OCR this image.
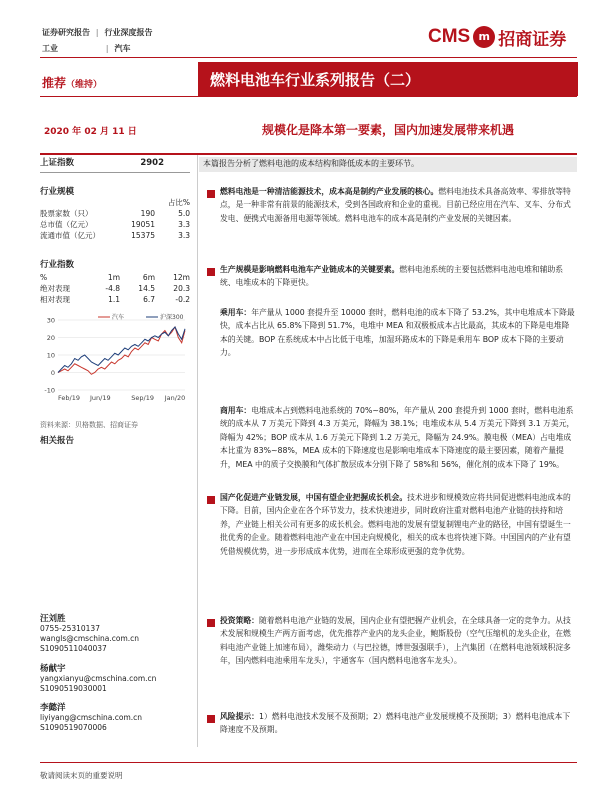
证券研究报告 | 行业深度报告
工业	| 汽车
CMS m 招商证券
推荐（维持）	燃料电池车行业系列报告（二）
2020 年 02 月 11 日	规模化是降本第一要素，国内加速发展带来机遇
上证指数	2902
行业规模
占比%
股票家数（只）	190	5.0
总市值（亿元）	19051	3.3
流通市值（亿元）	15375	3.3
行业指数
%	1m	6m	12m
绝对表现	-4.8	14.5	20.3
相对表现	1.1	6.7	-0.2
汽车	沪深300
30
20
10
0
-10
Feb/19 Jun/19	Sep/19 Jan/20
资料来源：贝格数据、招商证券
相关报告
汪刘胜
0755-25310137
wangls@cmschina.com.cn
S1090511040037
杨献宇
yangxianyu@cmschina.com.cn
S1090519030001
李懿洋
liyiyang@cmschina.com.cn
S1090519070006
本篇报告分析了燃料电池的成本结构和降低成本的主要环节。
燃料电池是一种清洁能源技术，成本高是制约产业发展的核心。燃料电池技术具备高效率、零排放等特点，是一种非常有前景的能源技术，受到各国政府和企业的重视。目前已经应用在汽车、叉车、分布式发电、便携式电源备用电源等领域。燃料电池车的成本高是制约产业发展的关键因素。
生产规模是影响燃料电池车产业链成本的关键要素。燃料电池系统的主要包括燃料电池电堆和辅助系统、电堆成本的下降更快。
乘用车：年产量从 1000 套提升至 10000 套时，燃料电池的成本下降了 53.2%，其中电堆成本下降最快，成本占比从 65.8%下降到 51.7%，电堆中 MEA 和双极板成本占比最高，其成本的下降是电堆降本的关键。BOP 在系统成本中占比低于电堆，加湿环路成本的下降是乘用车 BOP 成本下降的主要动力。
商用车：电堆成本占到燃料电池系统的 70%~80%，年产量从 200 套提升到 1000 套时，燃料电池系统的成本从 7 万美元下降到 4.3 万美元，降幅为 38.1%；电堆成本从 5.4 万美元下降到 3.1 万美元，降幅为 42%；BOP 成本从 1.6 万美元下降到 1.2 万美元，降幅为 24.9%。膜电极（MEA）占电堆成本比重为 83%~88%，MEA 成本的下降速度也是影响电堆成本下降速度的最主要因素，随着产量提升，MEA 中的质子交换膜和气体扩散层成本分别下降了 58%和 56%，催化剂的成本下降了 19%。
国产化促进产业链发展，中国有望企业把握成长机会。技术进步和规模效应将共同促进燃料电池成本的下降。目前，国内企业在各个环节发力，技术快速进步，同时政府注重对燃料电池产业链的扶持和培养，产业链上相关公司有更多的成长机会。燃料电池的发展有望复制锂电产业的路径，中国有望诞生一批优秀的企业。随着燃料电池产业在中国走向规模化，相关的成本也将快速下降。中国国内的产业有望凭借规模优势，进一步形成成本优势，进而在全球形成更强的竞争优势。
投资策略：随着燃料电池产业链的发展，国内企业有望把握产业机会，在全球具备一定的竞争力。从技术发展和规模生产两方面考虑，优先推荐产业内的龙头企业，鲍斯股份（空气压缩机的龙头企业，在燃料电池产业链上加速布局），潍柴动力（与巴拉德，博世强强联手），上汽集团（在燃料电池领域积淀多年，国内燃料电池乘用车龙头），宇通客车（国内燃料电池客车龙头）。
风险提示：1）燃料电池技术发展不及预期；2）燃料电池产业发展规模不及预期；3）燃料电池成本下降速度不及预期。
敬请阅读末页的重要说明
